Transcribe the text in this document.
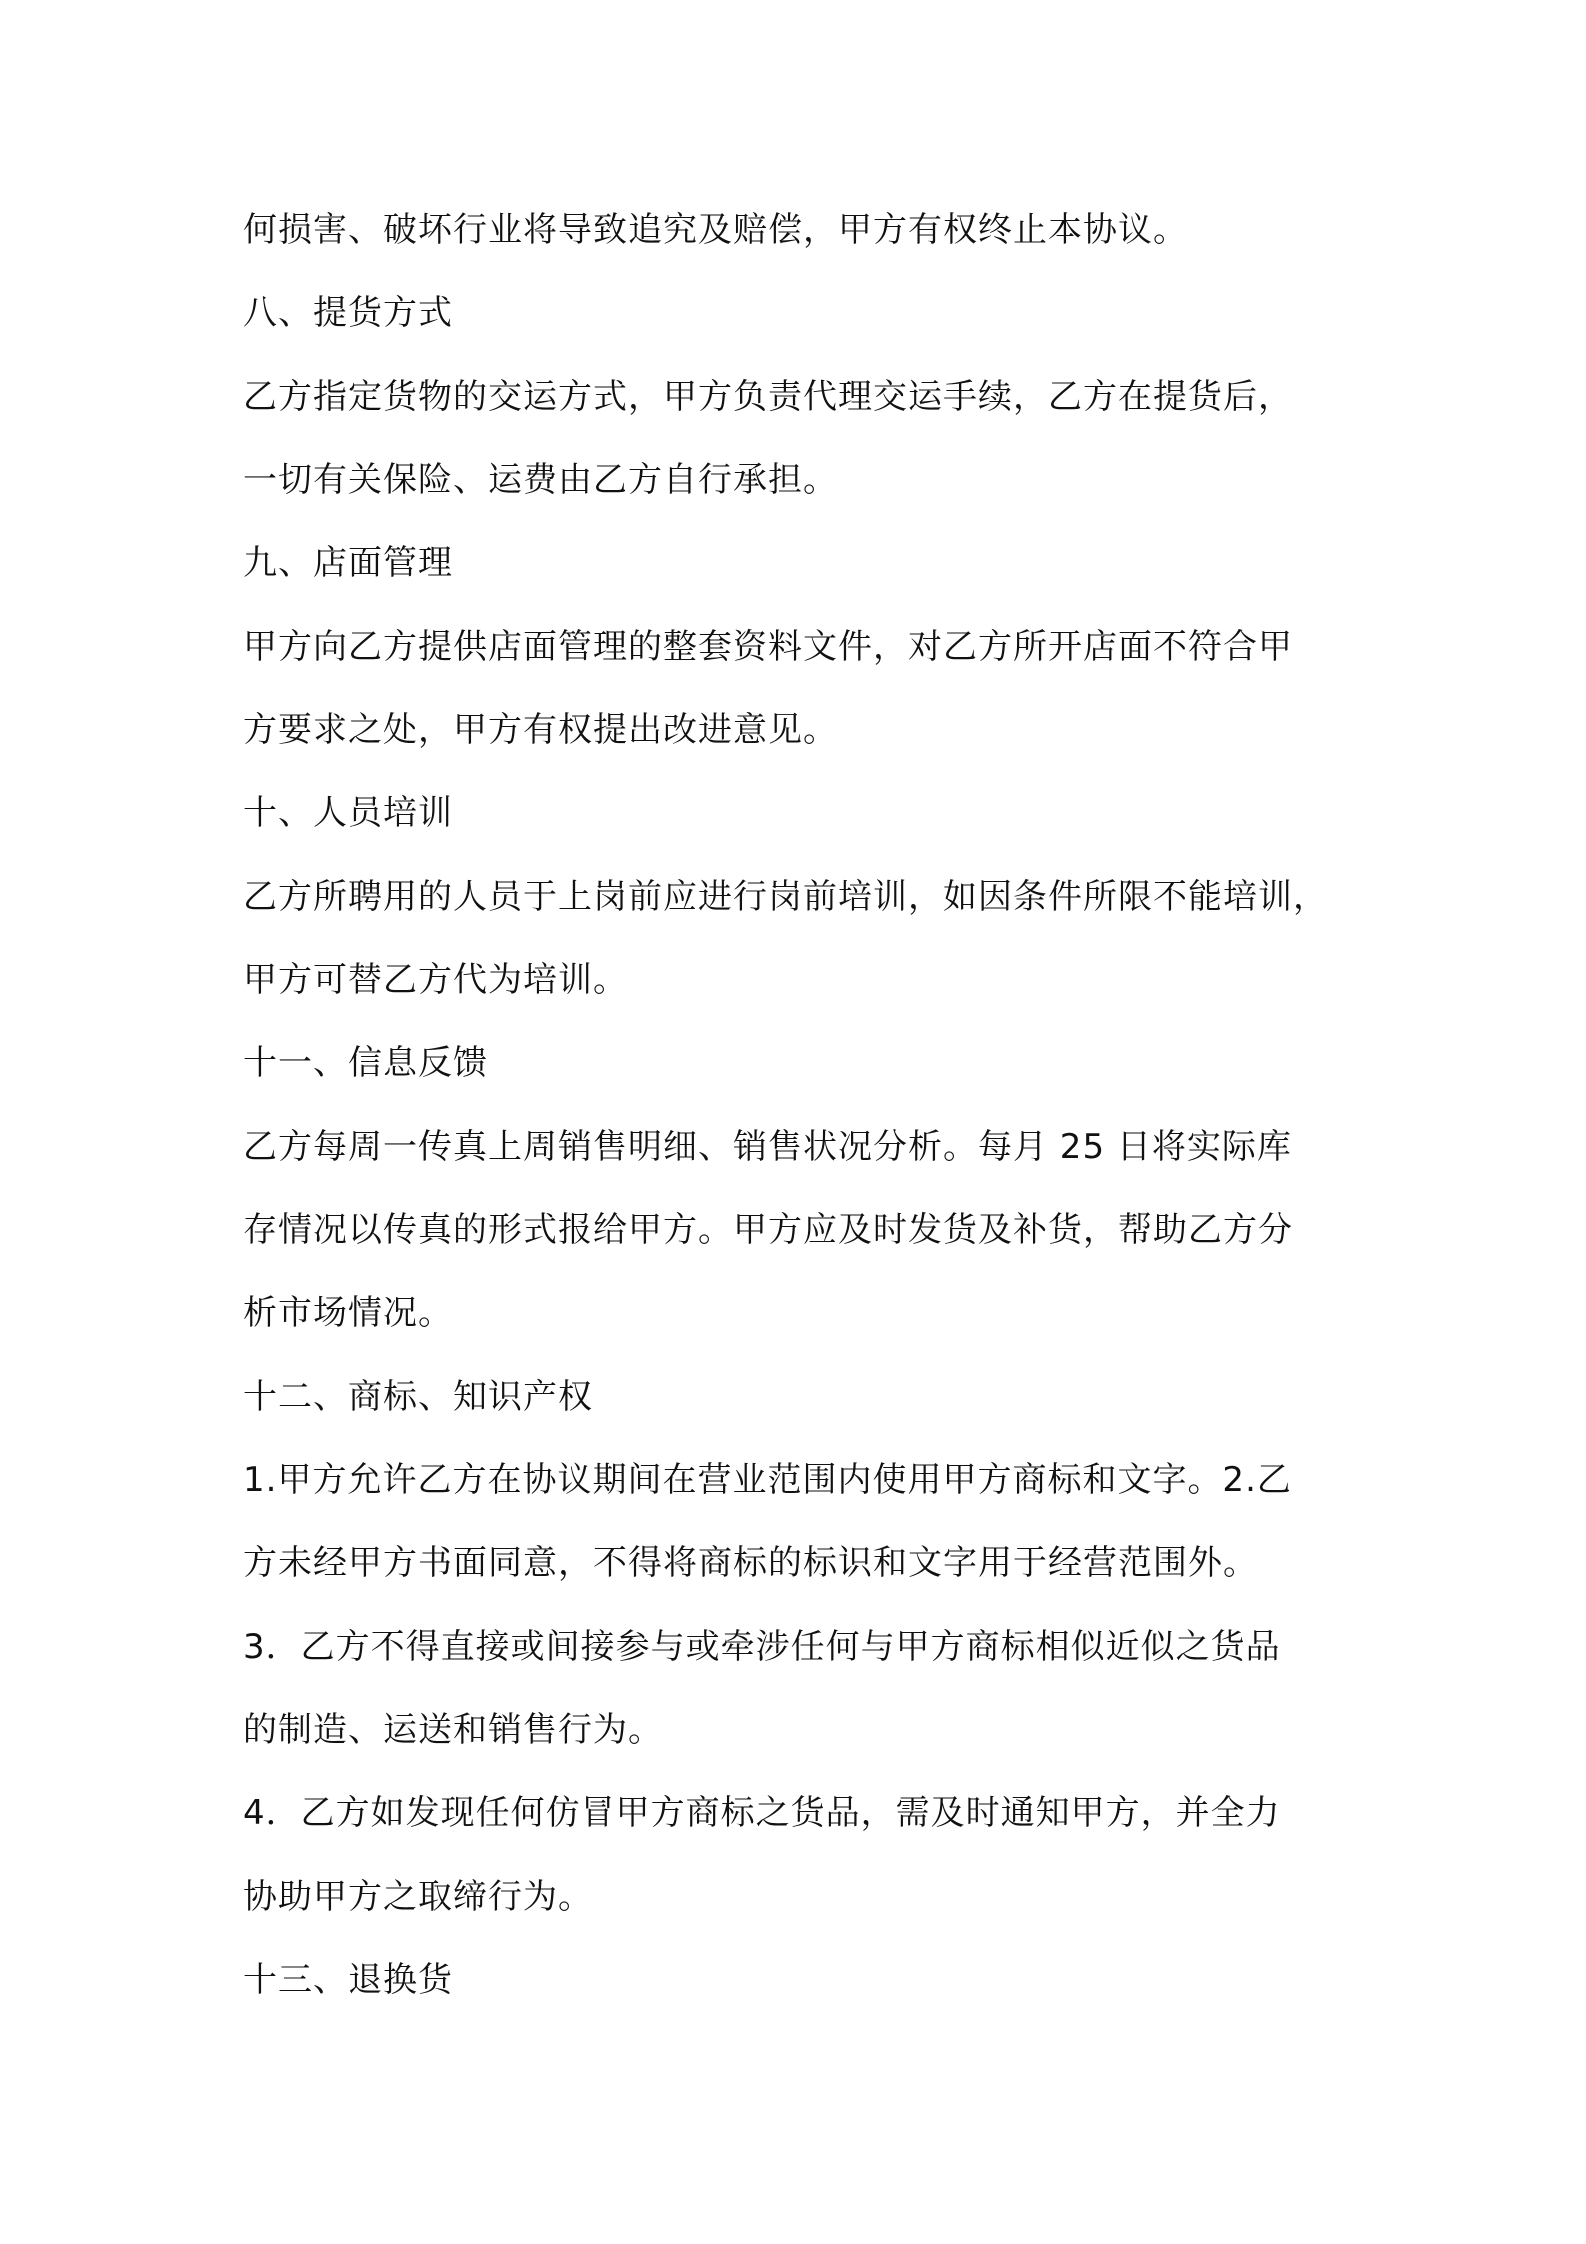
何损害、破坏行业将导致追究及赔偿，甲方有权终止本协议。
八、提货方式
乙方指定货物的交运方式，甲方负责代理交运手续，乙方在提货后，
一切有关保险、运费由乙方自行承担。
九、店面管理
甲方向乙方提供店面管理的整套资料文件，对乙方所开店面不符合甲
方要求之处，甲方有权提出改进意见。
十、人员培训
乙方所聘用的人员于上岗前应进行岗前培训，如因条件所限不能培训，
甲方可替乙方代为培训。
十一、信息反馈
乙方每周一传真上周销售明细、销售状况分析。每月 25 日将实际库
存情况以传真的形式报给甲方。甲方应及时发货及补货，帮助乙方分
析市场情况。
十二、商标、知识产权
1.甲方允许乙方在协议期间在营业范围内使用甲方商标和文字。2.乙
方未经甲方书面同意，不得将商标的标识和文字用于经营范围外。
3．乙方不得直接或间接参与或牵涉任何与甲方商标相似近似之货品
的制造、运送和销售行为。
4．乙方如发现任何仿冒甲方商标之货品，需及时通知甲方，并全力
协助甲方之取缔行为。
十三、退换货
